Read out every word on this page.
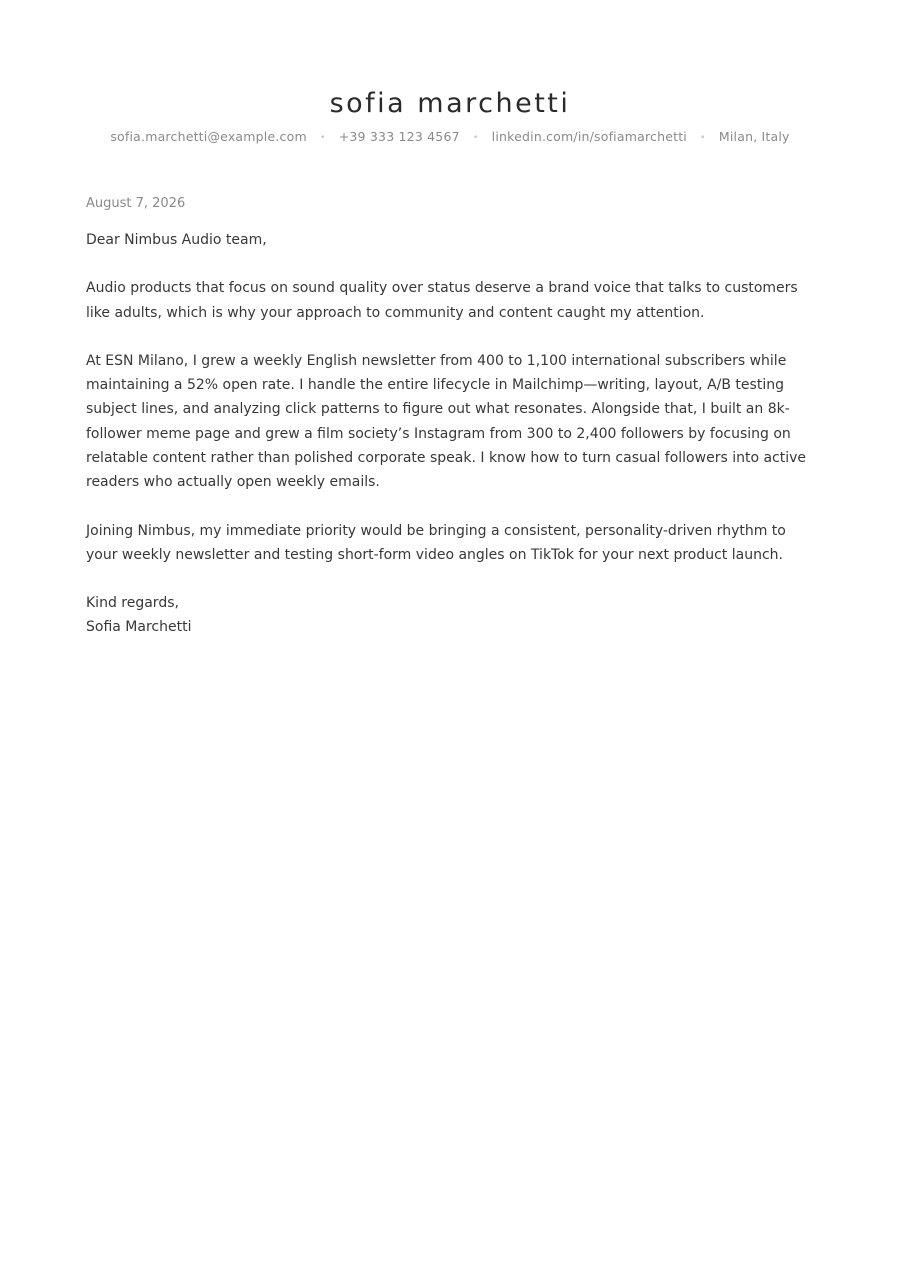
sofia marchetti
sofia.marchetti@example.com • +39 333 123 4567 • linkedin.com/in/sofiamarchetti • Milan, Italy
August 7, 2026

Dear Nimbus Audio team,

Audio products that focus on sound quality over status deserve a brand voice that talks to customers like adults, which is why your approach to community and content caught my attention.

At ESN Milano, I grew a weekly English newsletter from 400 to 1,100 international subscribers while maintaining a 52% open rate. I handle the entire lifecycle in Mailchimp—writing, layout, A/B testing subject lines, and analyzing click patterns to figure out what resonates. Alongside that, I built an 8k-follower meme page and grew a film society’s Instagram from 300 to 2,400 followers by focusing on relatable content rather than polished corporate speak. I know how to turn casual followers into active readers who actually open weekly emails.

Joining Nimbus, my immediate priority would be bringing a consistent, personality-driven rhythm to your weekly newsletter and testing short-form video angles on TikTok for your next product launch.

Kind regards,
Sofia Marchetti
